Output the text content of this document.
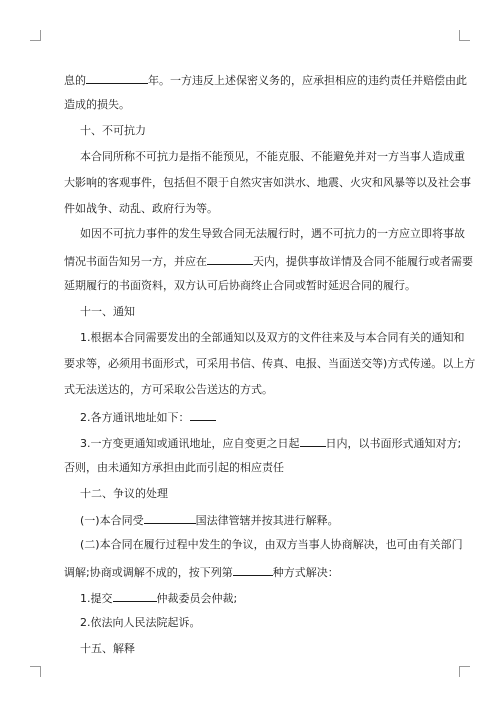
息的	年。一方违反上述保密义务的，应承担相应的违约责任并赔偿由此
造成的损失。
十、不可抗力
本合同所称不可抗力是指不能预见，不能克服、不能避免并对一方当事人造成重
大影响的客观事件，包括但不限于自然灾害如洪水、地震、火灾和风暴等以及社会事
件如战争、动乱、政府行为等。
如因不可抗力事件的发生导致合同无法履行时，遇不可抗力的一方应立即将事故
情况书面告知另一方，并应在	天内，提供事故详情及合同不能履行或者需要
延期履行的书面资料，双方认可后协商终止合同或暂时延迟合同的履行。
十一、通知
1.根据本合同需要发出的全部通知以及双方的文件往来及与本合同有关的通知和
要求等，必须用书面形式，可采用书信、传真、电报、当面送交等)方式传递。以上方
式无法送达的，方可采取公告送达的方式。
2.各方通讯地址如下：
3.一方变更通知或通讯地址，应自变更之日起 日内，以书面形式通知对方;
否则，由未通知方承担由此而引起的相应责任
十二、争议的处理
(一)本合同受	国法律管辖并按其进行解释。
(二)本合同在履行过程中发生的争议，由双方当事人协商解决，也可由有关部门
调解;协商或调解不成的，按下列第	种方式解决：
1.提交	仲裁委员会仲裁;
2.依法向人民法院起诉。
十五、解释
